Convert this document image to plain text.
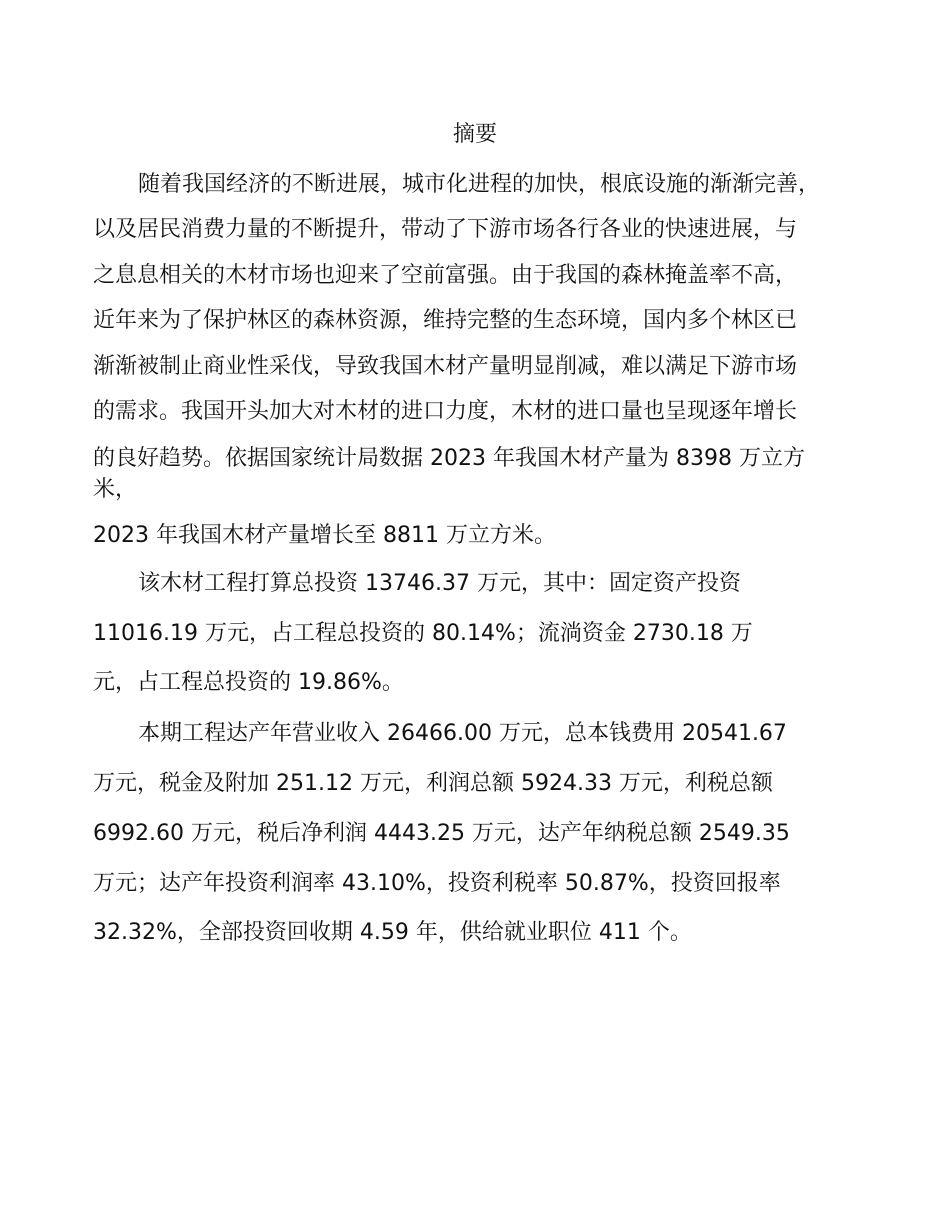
摘要
随着我国经济的不断进展，城市化进程的加快，根底设施的渐渐完善，
以及居民消费力量的不断提升，带动了下游市场各行各业的快速进展，与
之息息相关的木材市场也迎来了空前富强。由于我国的森林掩盖率不高，
近年来为了保护林区的森林资源，维持完整的生态环境，国内多个林区已
渐渐被制止商业性采伐，导致我国木材产量明显削减，难以满足下游市场
的需求。我国开头加大对木材的进口力度，木材的进口量也呈现逐年增长
的良好趋势。依据国家统计局数据 2023 年我国木材产量为 8398 万立方
米，
2023 年我国木材产量增长至 8811 万立方米。
该木材工程打算总投资 13746.37 万元，其中：固定资产投资
11016.19 万元，占工程总投资的 80.14%；流淌资金 2730.18 万
元，占工程总投资的 19.86%。
本期工程达产年营业收入 26466.00 万元，总本钱费用 20541.67
万元，税金及附加 251.12 万元，利润总额 5924.33 万元，利税总额
6992.60 万元，税后净利润 4443.25 万元，达产年纳税总额 2549.35
万元；达产年投资利润率 43.10%，投资利税率 50.87%，投资回报率
32.32%，全部投资回收期 4.59 年，供给就业职位 411 个。
